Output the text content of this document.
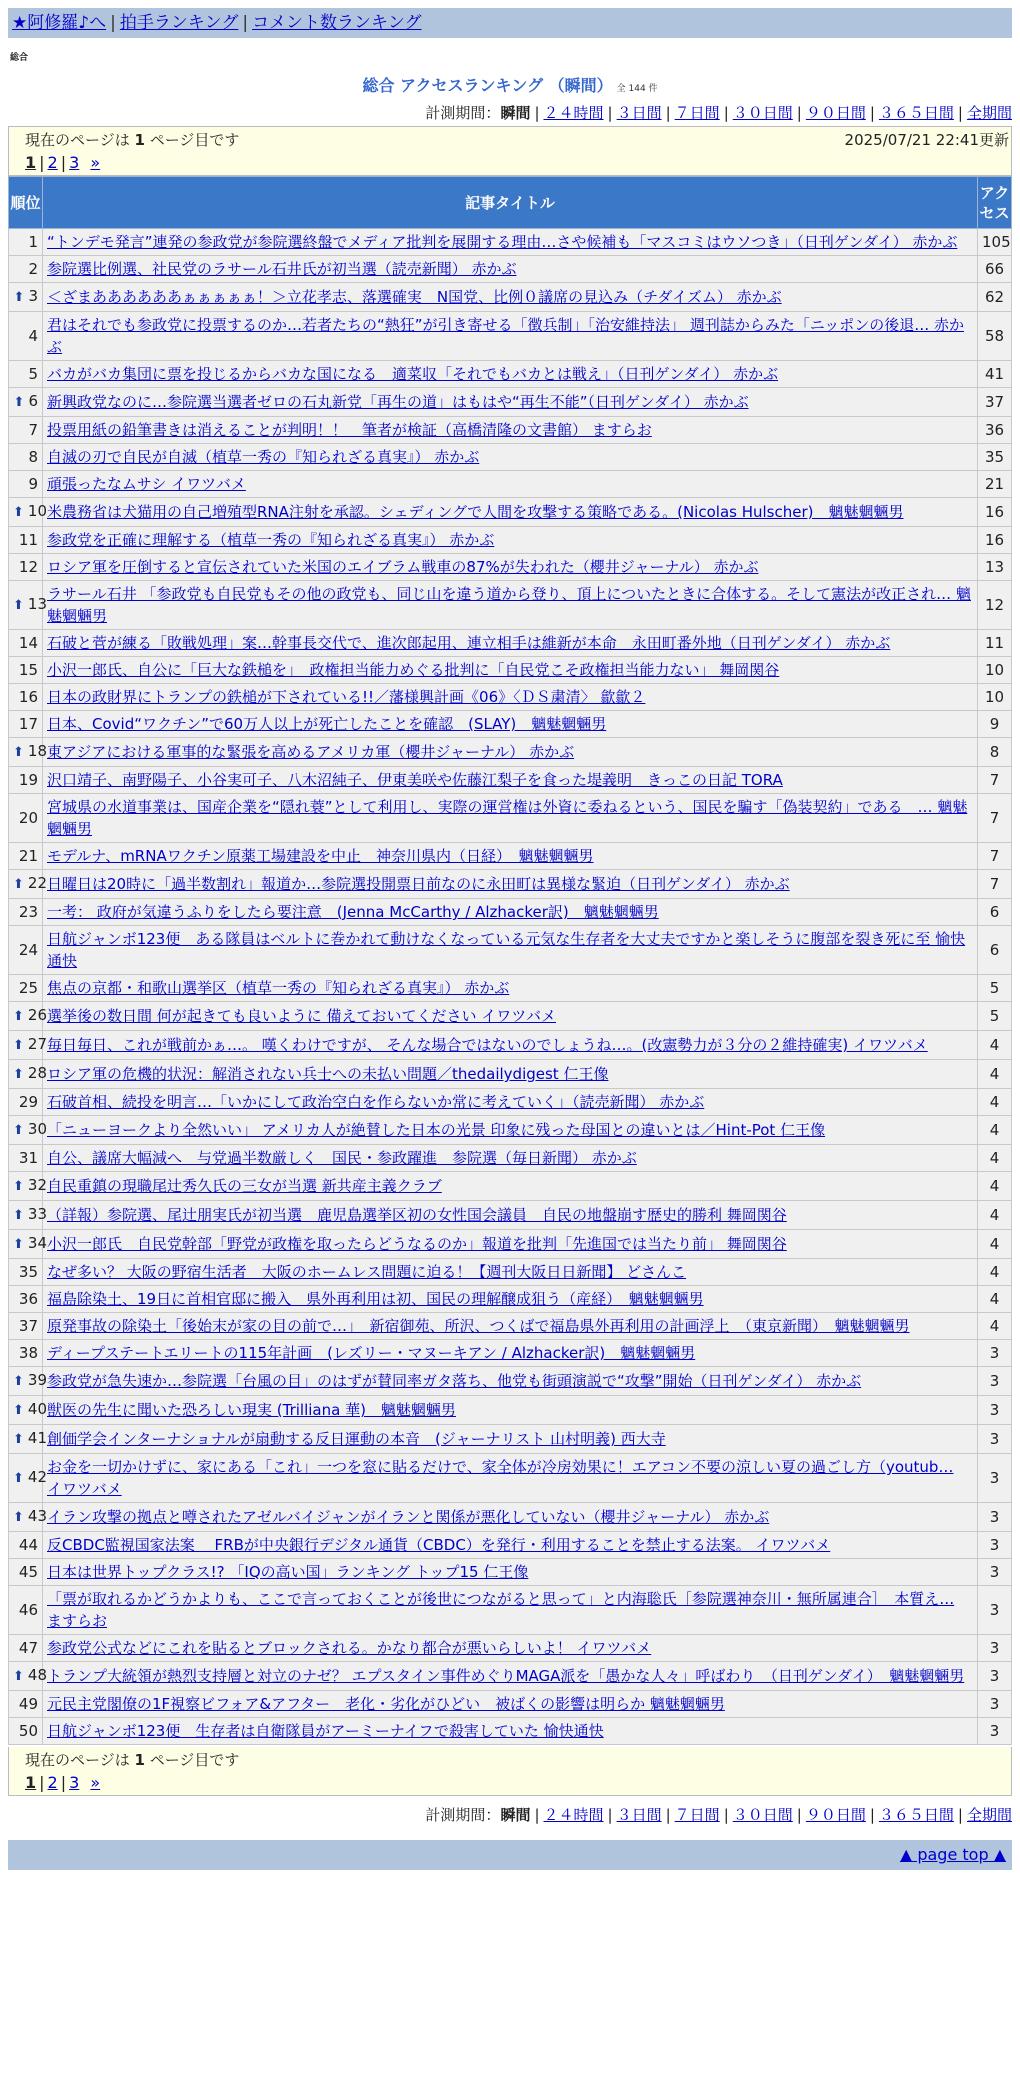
★阿修羅♪へ | 拍手ランキング | コメント数ランキング
総合
総合 アクセスランキング （瞬間） 全 144 件
計測期間：瞬間 | ２４時間 | ３日間 | ７日間 | ３０日間 | ９０日間 | ３６５日間 | 全期間
現在のページは 1 ページ目です	2025/07/21 22:41更新
1 | 2 | 3 »
順位	記事タイトル	アクセス
1	“トンデモ発言”連発の参政党が参院選終盤でメディア批判を展開する理由…さや候補も「マスコミはウソつき」（日刊ゲンダイ） 赤かぶ	105
2	参院選比例選、社民党のラサール石井氏が初当選（読売新聞） 赤かぶ	66
⬆ 3	＜ざまああああああぁぁぁぁぁ！＞立花孝志、落選確実　N国党、比例０議席の見込み（チダイズム） 赤かぶ	62
4	君はそれでも参政党に投票するのか…若者たちの“熱狂”が引き寄せる「徴兵制」「治安維持法」 週刊誌からみた「ニッポンの後退… 赤かぶ	58
5	バカがバカ集団に票を投じるからバカな国になる　適菜収「それでもバカとは戦え」（日刊ゲンダイ） 赤かぶ	41
⬆ 6	新興政党なのに…参院選当選者ゼロの石丸新党「再生の道」はもはや“再生不能”（日刊ゲンダイ） 赤かぶ	37
7	投票用紙の鉛筆書きは消えることが判明！！　筆者が検証（高橋清隆の文書館） ますらお	36
8	自滅の刃で自民が自滅（植草一秀の『知られざる真実』） 赤かぶ	35
9	頑張ったなムサシ イワツバメ	21
⬆ 10	米農務省は犬猫用の自己増殖型RNA注射を承認。シェディングで人間を攻撃する策略である。(Nicolas Hulscher)　魑魅魍魎男	16
11	参政党を正確に理解する（植草一秀の『知られざる真実』） 赤かぶ	16
12	ロシア軍を圧倒すると宣伝されていた米国のエイブラム戦車の87%が失われた（櫻井ジャーナル） 赤かぶ	13
⬆ 13	ラサール石井 「参政党も自民党もその他の政党も、同じ山を違う道から登り、頂上についたときに合体する。そして憲法が改正され… 魑魅魍魎男	12
14	石破と菅が練る「敗戦処理」案…幹事長交代で、進次郎起用、連立相手は維新が本命　永田町番外地（日刊ゲンダイ） 赤かぶ	11
15	小沢一郎氏、自公に「巨大な鉄槌を」　政権担当能力めぐる批判に「自民党こそ政権担当能力ない」 舞岡関谷	10
16	日本の政財界にトランプの鉄槌が下されている!!／藩様興計画《06》〈ＤＳ粛清〉 歙歙２	10
17	日本、Covid“ワクチン”で60万人以上が死亡したことを確認　(SLAY)　魑魅魍魎男	9
⬆ 18	東アジアにおける軍事的な緊張を高めるアメリカ軍（櫻井ジャーナル） 赤かぶ	8
19	沢口靖子、南野陽子、小谷実可子、八木沼純子、伊東美咲や佐藤江梨子を食った堤義明　きっこの日記 TORA	7
20	宮城県の水道事業は、国産企業を“隠れ蓑”として利用し、実際の運営権は外資に委ねるという、国民を騙す「偽装契約」である　… 魑魅魍魎男	7
21	モデルナ、mRNAワクチン原薬工場建設を中止　神奈川県内（日経）　魑魅魍魎男	7
⬆ 22	日曜日は20時に「過半数割れ」報道か…参院選投開票日前なのに永田町は異様な緊迫（日刊ゲンダイ） 赤かぶ	7
23	一考： 政府が気違うふりをしたら要注意　(Jenna McCarthy / Alzhacker訳)　魑魅魍魎男	6
24	日航ジャンボ123便　ある隊員はベルトに巻かれて動けなくなっている元気な生存者を大丈夫ですかと楽しそうに腹部を裂き死に至 愉快通快	6
25	焦点の京都・和歌山選挙区（植草一秀の『知られざる真実』） 赤かぶ	5
⬆ 26	選挙後の数日間 何が起きても良いように 備えておいてください イワツバメ	5
⬆ 27	毎日毎日、これが戦前かぁ…。 嘆くわけですが、 そんな場合ではないのでしょうね…。(改憲勢力が３分の２維持確実) イワツバメ	4
⬆ 28	ロシア軍の危機的状況：解消されない兵士への未払い問題／thedailydigest 仁王像	4
29	石破首相、続投を明言…「いかにして政治空白を作らないか常に考えていく」（読売新聞） 赤かぶ	4
⬆ 30	「ニューヨークより全然いい」 アメリカ人が絶賛した日本の光景 印象に残った母国との違いとは／Hint-Pot 仁王像	4
31	自公、議席大幅減へ　与党過半数厳しく　国民・参政躍進　参院選（毎日新聞） 赤かぶ	4
⬆ 32	自民重鎮の現職尾辻秀久氏の三女が当選 新共産主義クラブ	4
⬆ 33	（詳報）参院選、尾辻朋実氏が初当選　鹿児島選挙区初の女性国会議員　自民の地盤崩す歴史的勝利 舞岡関谷	4
⬆ 34	小沢一郎氏　自民党幹部「野党が政権を取ったらどうなるのか」報道を批判「先進国では当たり前」 舞岡関谷	4
35	なぜ多い？ 大阪の野宿生活者　大阪のホームレス問題に迫る！【週刊大阪日日新聞】 どさんこ	4
36	福島除染土、19日に首相官邸に搬入　県外再利用は初、国民の理解醸成狙う（産経）　魑魅魍魎男	4
37	原発事故の除染土「後始末が家の目の前で…」　新宿御苑、所沢、つくばで福島県外再利用の計画浮上　（東京新聞）　魑魅魍魎男	4
38	ディープステートエリートの115年計画　(レズリー・マヌーキアン / Alzhacker訳)　魑魅魍魎男	3
⬆ 39	参政党が急失速か…参院選「台風の目」のはずが賛同率ガタ落ち、他党も街頭演説で“攻撃”開始（日刊ゲンダイ） 赤かぶ	3
⬆ 40	獣医の先生に聞いた恐ろしい現実 (Trilliana 華)　魑魅魍魎男	3
⬆ 41	創価学会インターナショナルが扇動する反日運動の本音　(ジャーナリスト 山村明義) 西大寺	3
⬆ 42	お金を一切かけずに、家にある「これ」一つを窓に貼るだけで、家全体が冷房効果に！エアコン不要の涼しい夏の過ごし方（youtub… イワツバメ	3
⬆ 43	イラン攻撃の拠点と噂されたアゼルバイジャンがイランと関係が悪化していない（櫻井ジャーナル） 赤かぶ	3
44	反CBDC監視国家法案　 FRBが中央銀行デジタル通貨（CBDC）を発行・利用することを禁止する法案。 イワツバメ	3
45	日本は世界トップクラス!? 「IQの高い国」ランキング トップ15 仁王像	3
46	「票が取れるかどうかよりも、ここで言っておくことが後世につながると思って」と内海聡氏［参院選神奈川・無所属連合］　本質え… ますらお	3
47	参政党公式などにこれを貼るとブロックされる。かなり都合が悪いらしいよ！ イワツバメ	3
⬆ 48	トランプ大統領が熱烈支持層と対立のナゼ？ エプスタイン事件めぐりMAGA派を「愚かな人々」呼ばわり　（日刊ゲンダイ）　魑魅魍魎男	3
49	元民主党閣僚の1F視察ビフォア&アフター　老化・劣化がひどい　被ばくの影響は明らか 魑魅魍魎男	3
50	日航ジャンボ123便　生存者は自衛隊員がアーミーナイフで殺害していた 愉快通快	3
現在のページは 1 ページ目です
1 | 2 | 3 »
計測期間：瞬間 | ２４時間 | ３日間 | ７日間 | ３０日間 | ９０日間 | ３６５日間 | 全期間
▲ page top ▲
